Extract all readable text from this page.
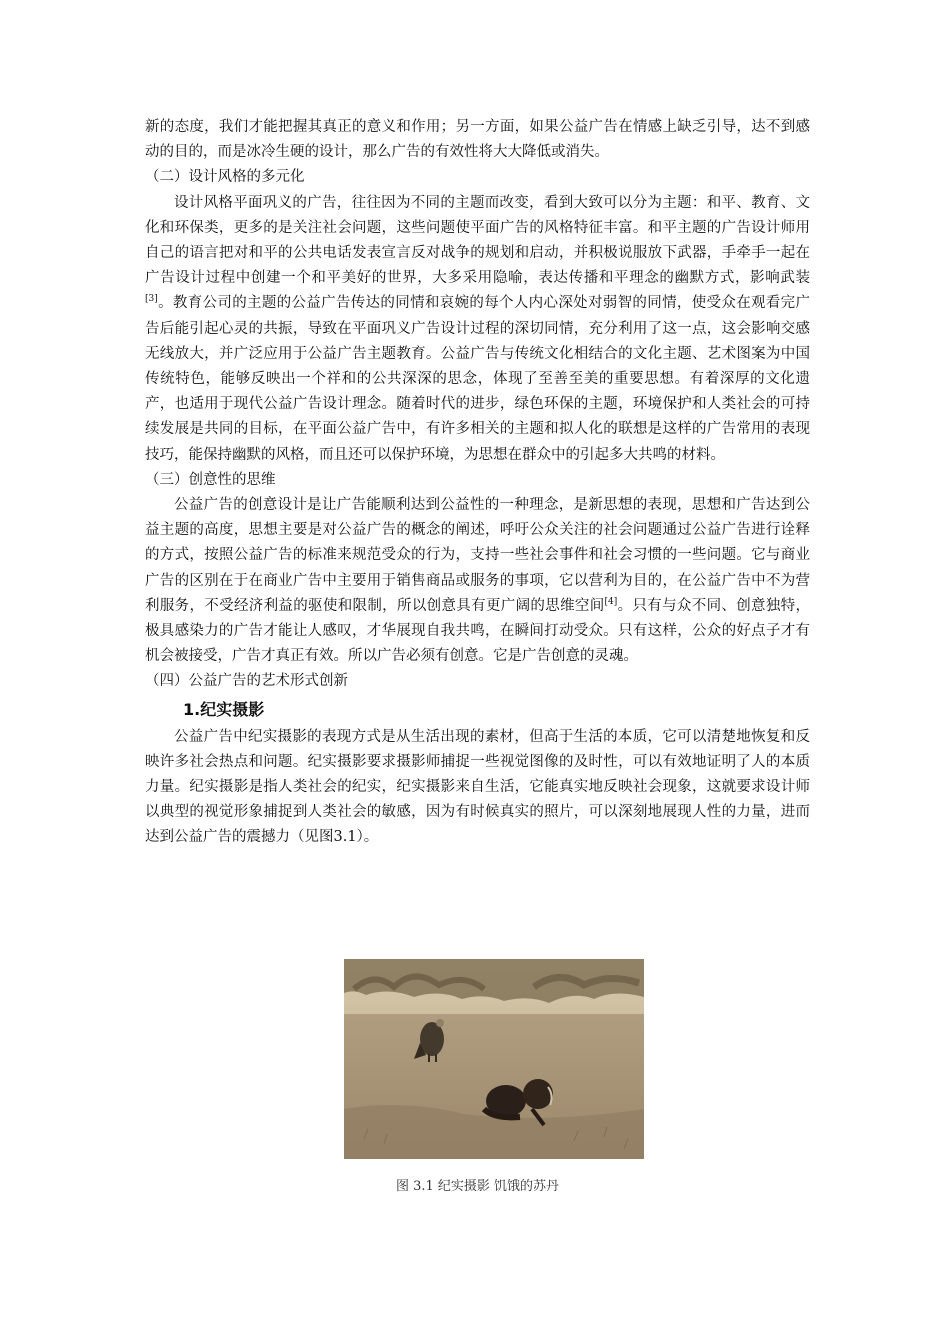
新的态度，我们才能把握其真正的意义和作用；另一方面，如果公益广告在情感上缺乏引导，达不到感动的目的，而是冰冷生硬的设计，那么广告的有效性将大大降低或消失。

（二）设计风格的多元化

设计风格平面巩义的广告，往往因为不同的主题而改变，看到大致可以分为主题：和平、教育、文化和环保类，更多的是关注社会问题，这些问题使平面广告的风格特征丰富。和平主题的广告设计师用自己的语言把对和平的公共电话发表宣言反对战争的规划和启动，并积极说服放下武器，手牵手一起在广告设计过程中创建一个和平美好的世界，大多采用隐喻，表达传播和平理念的幽默方式，影响武装[3]。教育公司的主题的公益广告传达的同情和哀婉的每个人内心深处对弱智的同情，使受众在观看完广告后能引起心灵的共振，导致在平面巩义广告设计过程的深切同情，充分利用了这一点，这会影响交感无线放大，并广泛应用于公益广告主题教育。公益广告与传统文化相结合的文化主题、艺术图案为中国传统特色，能够反映出一个祥和的公共深深的思念，体现了至善至美的重要思想。有着深厚的文化遗产，也适用于现代公益广告设计理念。随着时代的进步，绿色环保的主题，环境保护和人类社会的可持续发展是共同的目标，在平面公益广告中，有许多相关的主题和拟人化的联想是这样的广告常用的表现技巧，能保持幽默的风格，而且还可以保护环境，为思想在群众中的引起多大共鸣的材料。

（三）创意性的思维

公益广告的创意设计是让广告能顺利达到公益性的一种理念，是新思想的表现，思想和广告达到公益主题的高度，思想主要是对公益广告的概念的阐述，呼吁公众关注的社会问题通过公益广告进行诠释的方式，按照公益广告的标准来规范受众的行为，支持一些社会事件和社会习惯的一些问题。它与商业广告的区别在于在商业广告中主要用于销售商品或服务的事项，它以营利为目的，在公益广告中不为营利服务，不受经济利益的驱使和限制，所以创意具有更广阔的思维空间[4]。只有与众不同、创意独特，极具感染力的广告才能让人感叹，才华展现自我共鸣，在瞬间打动受众。只有这样，公众的好点子才有机会被接受，广告才真正有效。所以广告必须有创意。它是广告创意的灵魂。

（四）公益广告的艺术形式创新

1.纪实摄影

公益广告中纪实摄影的表现方式是从生活出现的素材，但高于生活的本质，它可以清楚地恢复和反映许多社会热点和问题。纪实摄影要求摄影师捕捉一些视觉图像的及时性，可以有效地证明了人的本质力量。纪实摄影是指人类社会的纪实，纪实摄影来自生活，它能真实地反映社会现象，这就要求设计师以典型的视觉形象捕捉到人类社会的敏感，因为有时候真实的照片，可以深刻地展现人性的力量，进而达到公益广告的震撼力（见图3.1）。

图 3.1 纪实摄影 饥饿的苏丹
